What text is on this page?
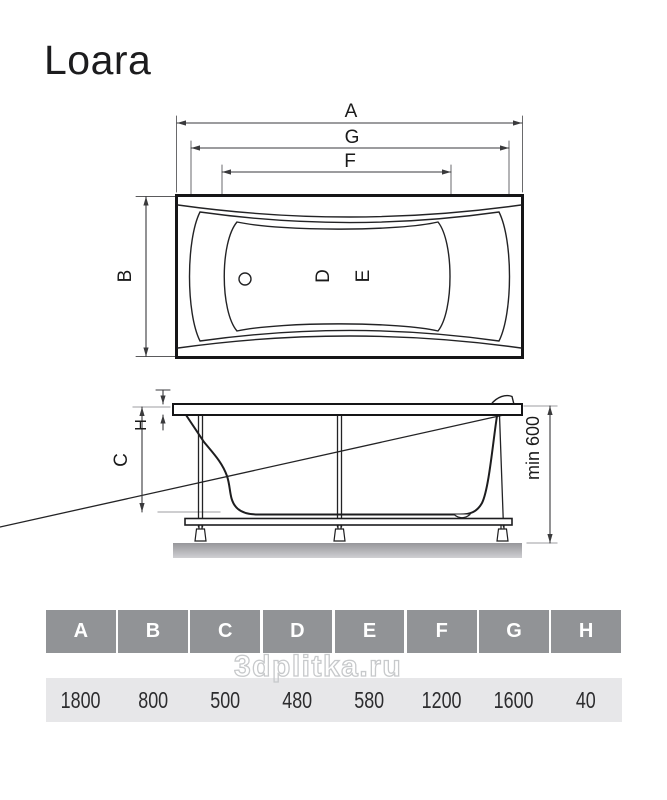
Loara
A
G
F
B	D E
H
C	min 600
A	B	C	D	E	F	G	H
1800 800 500 480 580 1200 1600 40
3dplitka.ru
